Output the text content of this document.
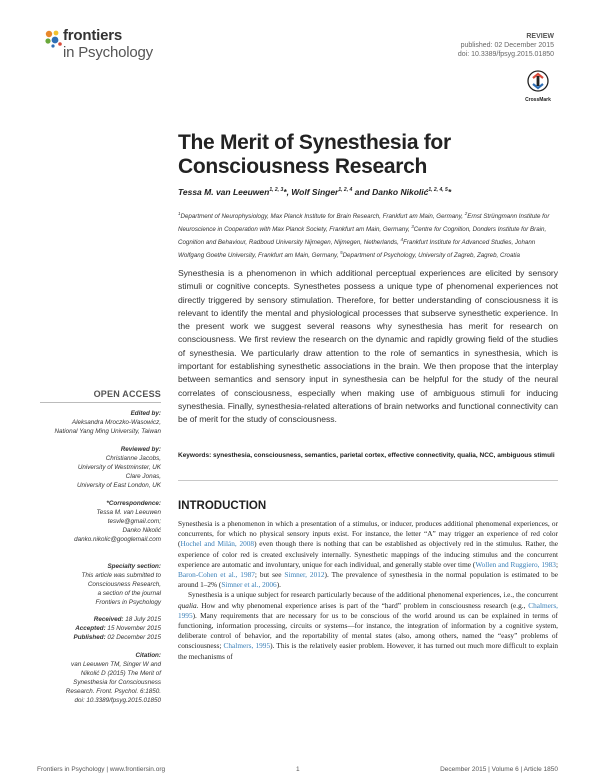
frontiers
in Psychology
REVIEW
published: 02 December 2015
doi: 10.3389/fpsyg.2015.01850
CrossMark
The Merit of Synesthesia for
Consciousness Research
Tessa M. van Leeuwen$^{1, 2, 3}$*, Wolf Singer$^{1, 2, 4}$ and Danko Nikolić$^{1, 2, 4, 5}$*
$^1$Department of Neurophysiology, Max Planck Institute for Brain Research, Frankfurt am Main, Germany, $^2$Ernst Strüngmann Institute for Neuroscience in Cooperation with Max Planck Society, Frankfurt am Main, Germany, $^3$Centre for Cognition, Donders Institute for Brain, Cognition and Behaviour, Radboud University Nijmegen, Nijmegen, Netherlands, $^4$Frankfurt Institute for Advanced Studies, Johann Wolfgang Goethe University, Frankfurt am Main, Germany, $^5$Department of Psychology, University of Zagreb, Zagreb, Croatia
Synesthesia is a phenomenon in which additional perceptual experiences are elicited by sensory stimuli or cognitive concepts. Synesthetes possess a unique type of phenomenal experiences not directly triggered by sensory stimulation. Therefore, for better understanding of consciousness it is relevant to identify the mental and physiological processes that subserve synesthetic experience. In the present work we suggest several reasons why synesthesia has merit for research on consciousness. We first review the research on the dynamic and rapidly growing field of the studies of synesthesia. We particularly draw attention to the role of semantics in synesthesia, which is important for establishing synesthetic associations in the brain. We then propose that the interplay between semantics and sensory input in synesthesia can be helpful for the study of the neural correlates of consciousness, especially when making use of ambiguous stimuli for inducing synesthesia. Finally, synesthesia-related alterations of brain networks and functional connectivity can be of merit for the study of consciousness.
Keywords: synesthesia, consciousness, semantics, parietal cortex, effective connectivity, qualia, NCC, ambiguous stimuli
INTRODUCTION

Synesthesia is a phenomenon in which a presentation of a stimulus, or inducer, produces additional phenomenal experiences, or concurrents, for which no physical sensory inputs exist. For instance, the letter “A” may trigger an experience of red color (Hochel and Milán, 2008) even though there is nothing that can be established as objectively red in the stimulus. Rather, the experience of color red is created exclusively internally. Synesthetic mappings of the inducing stimulus and the concurrent experience are automatic and involuntary, unique for each individual, and generally stable over time (Wollen and Ruggiero, 1983; Baron-Cohen et al., 1987; but see Simner, 2012). The prevalence of synesthesia in the normal population is estimated to be around 1–2% (Simner et al., 2006).

Synesthesia is a unique subject for research particularly because of the additional phenomenal experiences, i.e., the concurrent qualia. How and why phenomenal experience arises is part of the “hard” problem in consciousness research (e.g., Chalmers, 1995). Many requirements that are necessary for us to be conscious of the world around us can be explained in terms of functioning, information processing, circuits or systems—for instance, the integration of information by a cognitive system, deliberate control of behavior, and the reportability of mental states (also, among others, named the “easy” problems of consciousness; Chalmers, 1995). This is the relatively easier problem. However, it has turned out much more difficult to explain the mechanisms of

OPEN ACCESS
Edited by:
Aleksandra Mroczko-Wasowicz,
National Yang Ming University, Taiwan
Reviewed by:
Christianne Jacobs,
University of Westminster, UK
Clare Jonas,
University of East London, UK
*Correspondence:
Tessa M. van Leeuwen
tesvle@gmail.com;
Danko Nikolić
danko.nikolic@googlemail.com
Specialty section:
This article was submitted to
Consciousness Research,
a section of the journal
Frontiers in Psychology
Received: 18 July 2015
Accepted: 15 November 2015
Published: 02 December 2015
Citation:
van Leeuwen TM, Singer W and
Nikolić D (2015) The Merit of
Synesthesia for Consciousness
Research. Front. Psychol. 6:1850.
doi: 10.3389/fpsyg.2015.01850
Frontiers in Psychology | www.frontiersin.org	1	December 2015 | Volume 6 | Article 1850
